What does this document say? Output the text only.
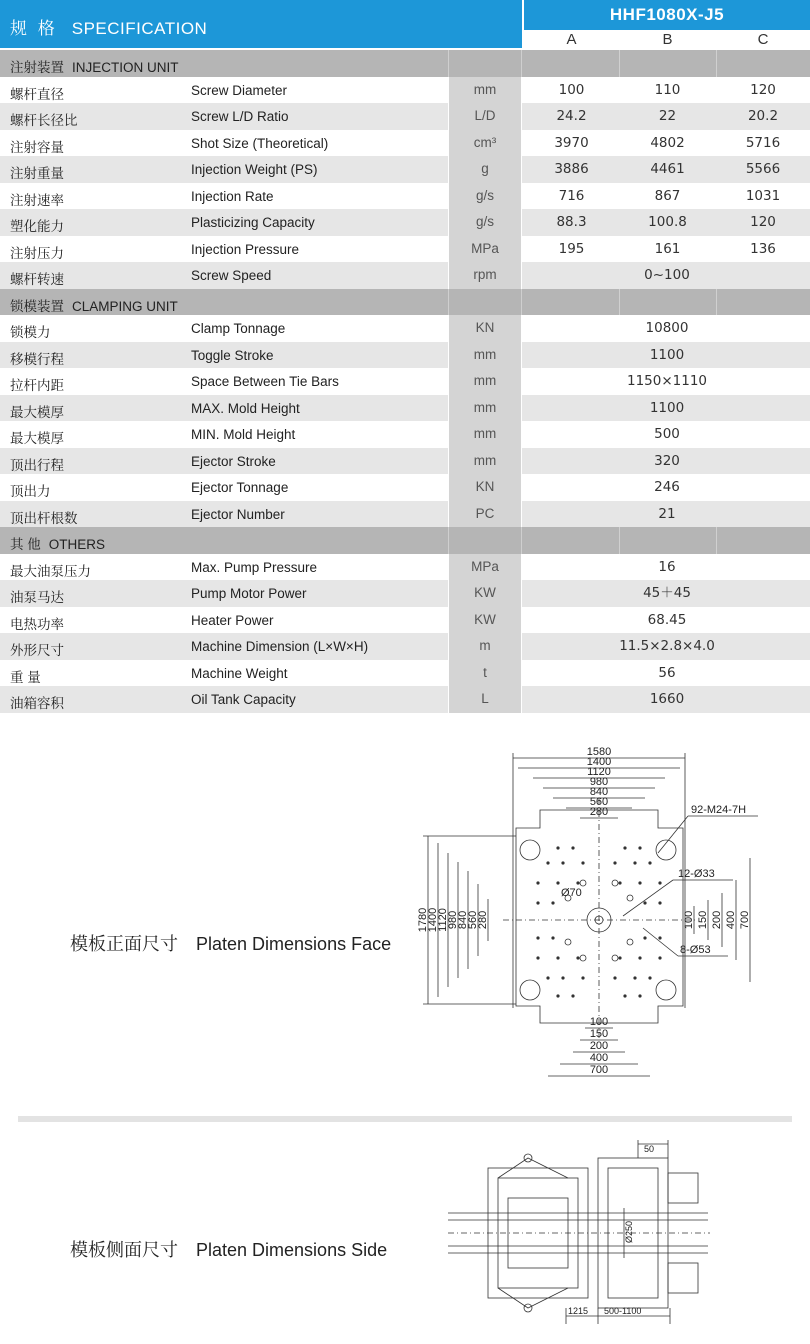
规 格 SPECIFICATION
HHF1080X-J5
A	B	C
注射装置 INJECTION UNIT
螺杆直径	Screw Diameter	mm	100	110	120
螺杆长径比	Screw L/D Ratio	L/D	24.2	22	20.2
注射容量	Shot Size (Theoretical)	cm³	3970	4802	5716
注射重量	Injection Weight (PS)	g	3886	4461	5566
注射速率	Injection Rate	g/s	716	867	1031
塑化能力	Plasticizing Capacity	g/s	88.3	100.8	120
注射压力	Injection Pressure	MPa	195	161	136
螺杆转速	Screw Speed	rpm	0~100
锁模装置 CLAMPING UNIT
锁模力	Clamp Tonnage	KN	10800
移模行程	Toggle Stroke	mm	1100
拉杆内距	Space Between Tie Bars	mm	1150×1110
最大模厚	MAX. Mold Height	mm	1100
最大模厚	MIN. Mold Height	mm	500
顶出行程	Ejector Stroke	mm	320
顶出力	Ejector Tonnage	KN	246
顶出杆根数	Ejector Number	PC	21
其 他 OTHERS
最大油泵压力	Max. Pump Pressure	MPa	16
油泵马达	Pump Motor Power	KW	45＋45
电热功率	Heater Power	KW	68.45
外形尺寸	Machine Dimension (L×W×H)	m	11.5×2.8×4.0
重 量	Machine Weight	t	56
油箱容积	Oil Tank Capacity	L	1660
模板正面尺寸 Platen Dimensions Face
1580
1400
1120
980
840
560
280
1780
1400
1120
980
840
560
280	100 150 200 400 700
100
150
200
400
700
92-M24-7H
12-Ø33
Ø70
8-Ø53
模板侧面尺寸 Platen Dimensions Side
50
Ø250
1215 500-1100
